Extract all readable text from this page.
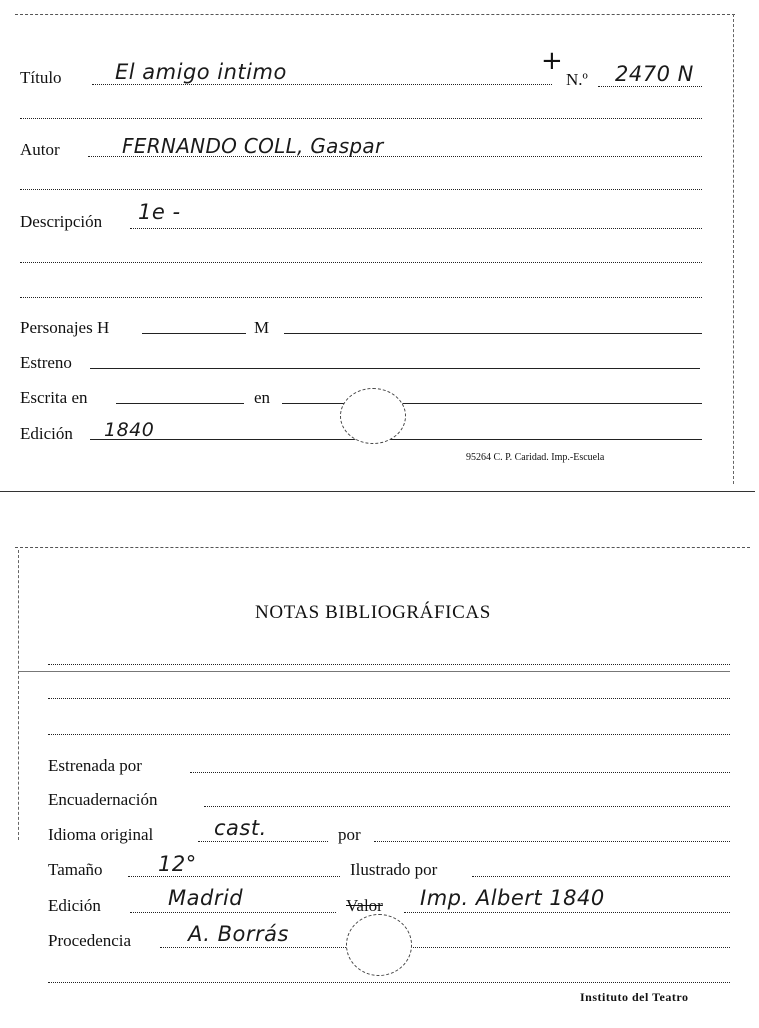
Título	El amigo intimo	+
N.º 2470 N
Autor	FERNANDO COLL, Gaspar
Descripción 1e -
Personajes H	M
Estreno
Escrita en	en
Edición 1840
95264 C. P. Caridad. Imp.-Escuela
NOTAS BIBLIOGRÁFICAS
Estrenada por
Encuadernación
Idioma original	cast.	por
Tamaño	12°	Ilustrado por
Edición	Madrid	Valor Imp. Albert 1840
Procedencia	A. Borrás
Instituto del Teatro
